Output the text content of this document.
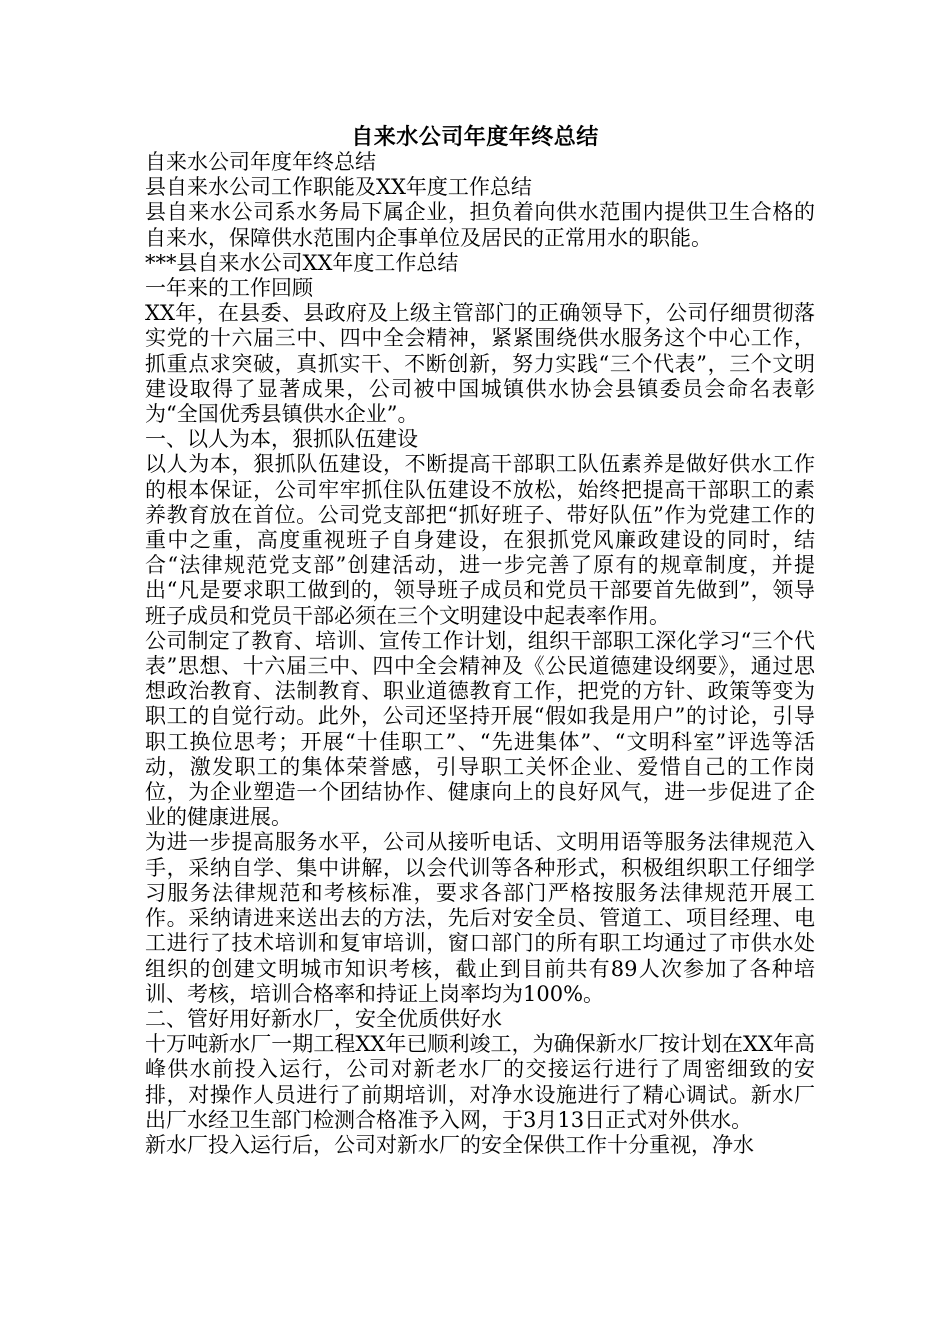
自来水公司年度年终总结

自来水公司年度年终总结

县自来水公司工作职能及XX年度工作总结

县自来水公司系水务局下属企业，担负着向供水范围内提供卫生合格的自来水，保障供水范围内企事单位及居民的正常用水的职能。

***县自来水公司XX年度工作总结

一年来的工作回顾

XX年，在县委、县政府及上级主管部门的正确领导下，公司仔细贯彻落实党的十六届三中、四中全会精神，紧紧围绕供水服务这个中心工作，抓重点求突破，真抓实干、不断创新，努力实践“三个代表”，三个文明建设取得了显著成果，公司被中国城镇供水协会县镇委员会命名表彰为“全国优秀县镇供水企业”。

一、以人为本，狠抓队伍建设

以人为本，狠抓队伍建设，不断提高干部职工队伍素养是做好供水工作的根本保证，公司牢牢抓住队伍建设不放松，始终把提高干部职工的素养教育放在首位。公司党支部把“抓好班子、带好队伍”作为党建工作的重中之重，高度重视班子自身建设，在狠抓党风廉政建设的同时，结合“法律规范党支部”创建活动，进一步完善了原有的规章制度，并提出“凡是要求职工做到的，领导班子成员和党员干部要首先做到”，领导班子成员和党员干部必须在三个文明建设中起表率作用。

公司制定了教育、培训、宣传工作计划，组织干部职工深化学习“三个代表”思想、十六届三中、四中全会精神及《公民道德建设纲要》，通过思想政治教育、法制教育、职业道德教育工作，把党的方针、政策等变为职工的自觉行动。此外，公司还坚持开展“假如我是用户”的讨论，引导职工换位思考；开展“十佳职工”、“先进集体”、“文明科室”评选等活动，激发职工的集体荣誉感，引导职工关怀企业、爱惜自己的工作岗位，为企业塑造一个团结协作、健康向上的良好风气，进一步促进了企业的健康进展。

为进一步提高服务水平，公司从接听电话、文明用语等服务法律规范入手，采纳自学、集中讲解，以会代训等各种形式，积极组织职工仔细学习服务法律规范和考核标准，要求各部门严格按服务法律规范开展工作。采纳请进来送出去的方法，先后对安全员、管道工、项目经理、电工进行了技术培训和复审培训，窗口部门的所有职工均通过了市供水处组织的创建文明城市知识考核，截止到目前共有89人次参加了各种培训、考核，培训合格率和持证上岗率均为100%。

二、管好用好新水厂，安全优质供好水

十万吨新水厂一期工程XX年已顺利竣工，为确保新水厂按计划在XX年高峰供水前投入运行，公司对新老水厂的交接运行进行了周密细致的安排，对操作人员进行了前期培训，对净水设施进行了精心调试。新水厂出厂水经卫生部门检测合格准予入网，于3月13日正式对外供水。

新水厂投入运行后，公司对新水厂的安全保供工作十分重视，净水
